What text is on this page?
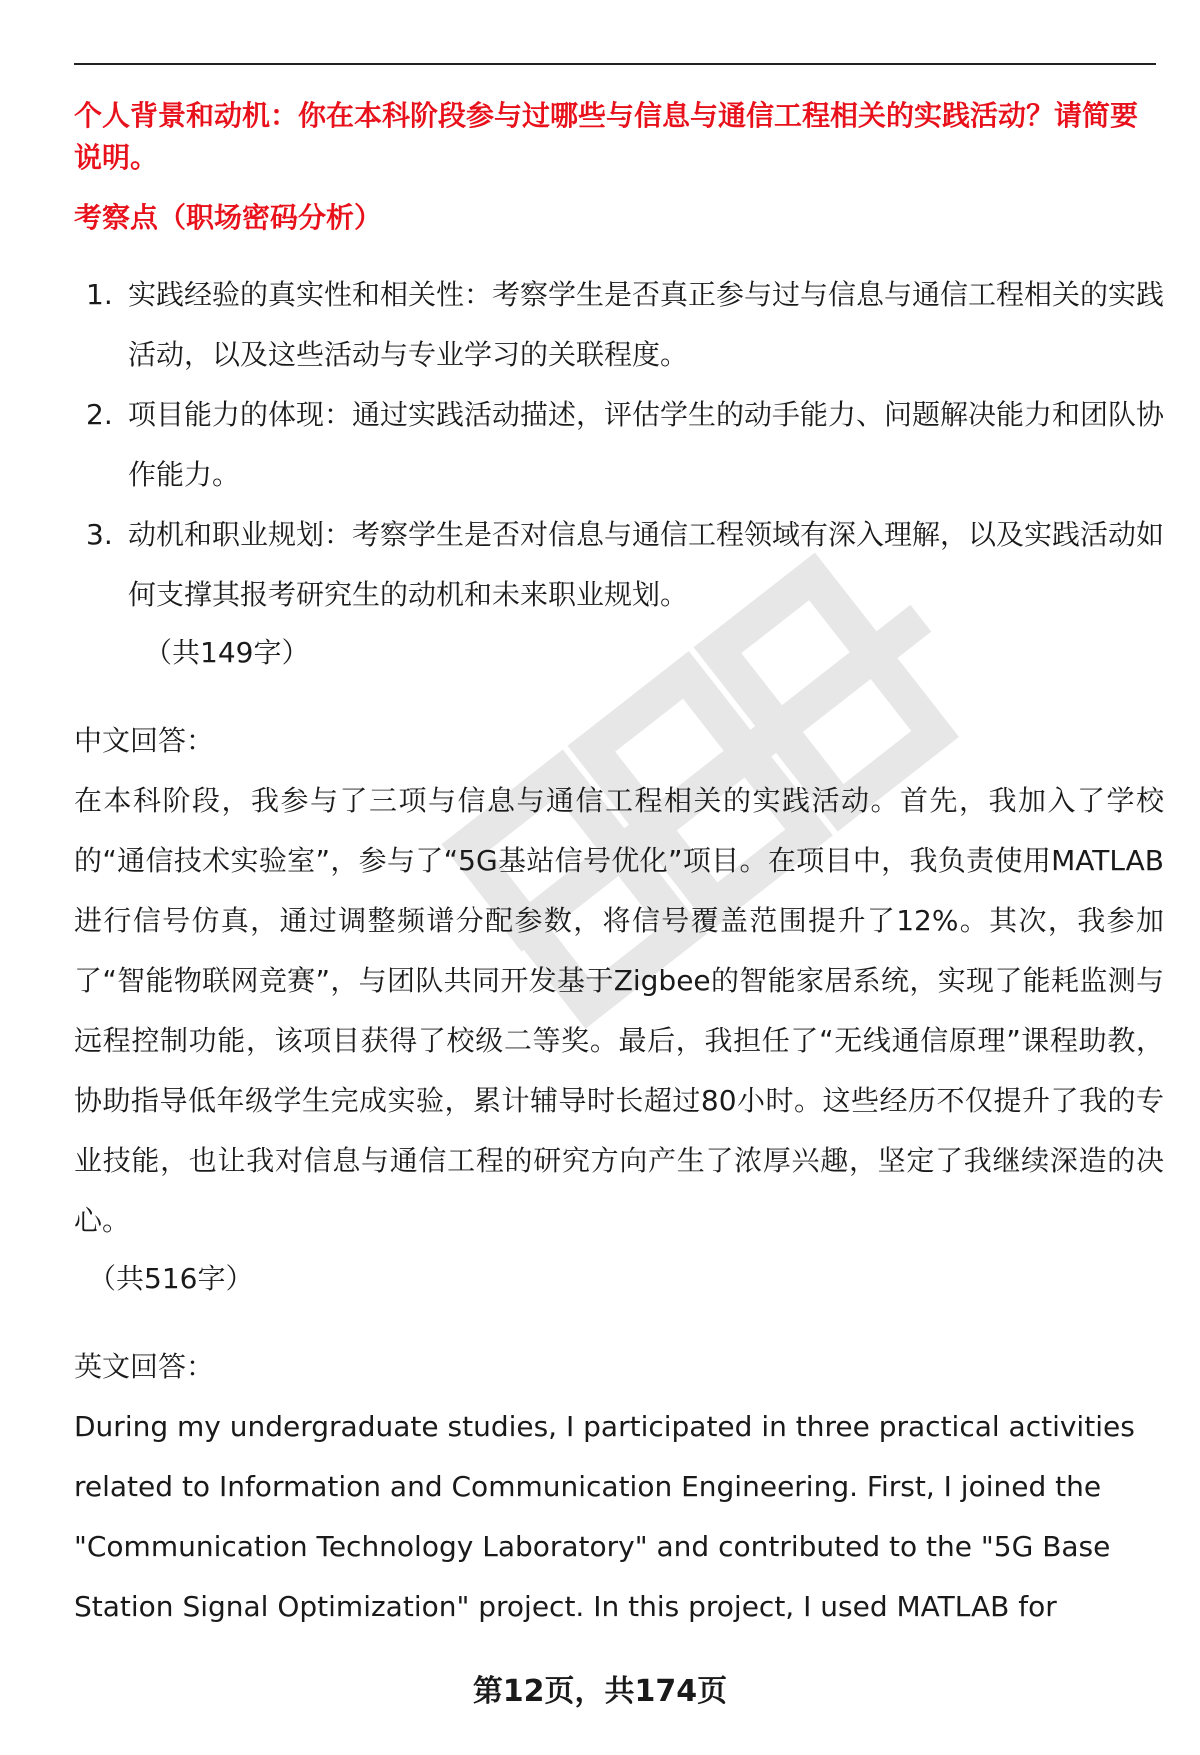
个人背景和动机：你在本科阶段参与过哪些与信息与通信工程相关的实践活动？请简要说明。

考察点（职场密码分析）

1. 实践经验的真实性和相关性：考察学生是否真正参与过与信息与通信工程相关的实践活动，以及这些活动与专业学习的关联程度。
2. 项目能力的体现：通过实践活动描述，评估学生的动手能力、问题解决能力和团队协作能力。
3. 动机和职业规划：考察学生是否对信息与通信工程领域有深入理解，以及实践活动如何支撑其报考研究生的动机和未来职业规划。
（共149字）
中文回答：

在本科阶段，我参与了三项与信息与通信工程相关的实践活动。首先，我加入了学校的“通信技术实验室”，参与了“5G基站信号优化”项目。在项目中，我负责使用MATLAB进行信号仿真，通过调整频谱分配参数，将信号覆盖范围提升了12%。其次，我参加了“智能物联网竞赛”，与团队共同开发基于Zigbee的智能家居系统，实现了能耗监测与远程控制功能，该项目获得了校级二等奖。最后，我担任了“无线通信原理”课程助教，协助指导低年级学生完成实验，累计辅导时长超过80小时。这些经历不仅提升了我的专业技能，也让我对信息与通信工程的研究方向产生了浓厚兴趣，坚定了我继续深造的决心。

（共516字）
英文回答：

During my undergraduate studies, I participated in three practical activities related to Information and Communication Engineering. First, I joined the "Communication Technology Laboratory" and contributed to the "5G Base Station Signal Optimization" project. In this project, I used MATLAB for

第12页，共174页
